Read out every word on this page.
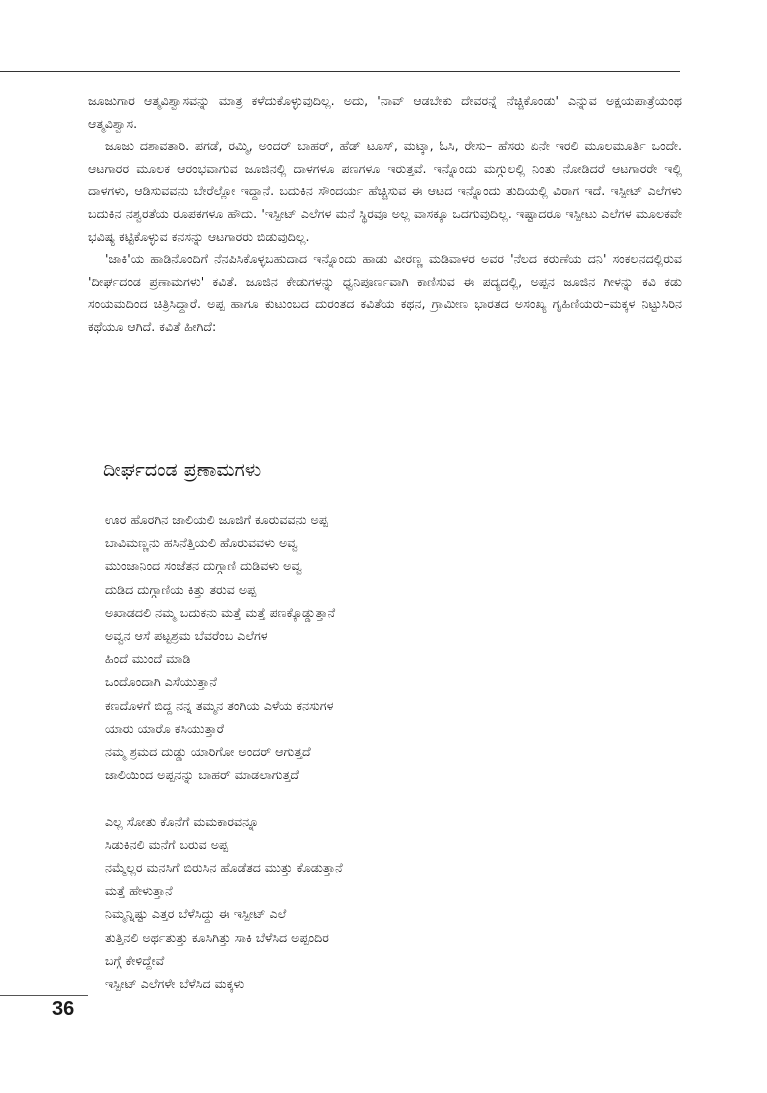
ಜೂಜುಗಾರ ಆತ್ಮವಿಶ್ವಾಸವನ್ನು ಮಾತ್ರ ಕಳೆದುಕೊಳ್ಳುವುದಿಲ್ಲ. ಅದು, 'ನಾವ್ ಆಡಬೇಕು ದೇವರನ್ನೆ ನೆಚ್ಚಿಕೊಂಡು' ಎನ್ನುವ ಅಕ್ಷಯಪಾತ್ರೆಯಂಥ ಆತ್ಮವಿಶ್ವಾಸ.

ಜೂಜು ದಶಾವತಾರಿ. ಪಗಡೆ, ರಮ್ಮಿ, ಅಂದರ್ ಬಾಹರ್, ಹೆಡ್ ಟೂಸ್, ಮಟ್ಕಾ, ಓಸಿ, ರೇಸು– ಹೆಸರು ಏನೇ ಇರಲಿ ಮೂಲಮೂರ್ತಿ ಒಂದೇ. ಆಟಗಾರರ ಮೂಲಕ ಆರಂಭವಾಗುವ ಜೂಜಿನಲ್ಲಿ ದಾಳಗಳೂ ಪಣಗಳೂ ಇರುತ್ತವೆ. ಇನ್ನೊಂದು ಮಗ್ಗುಲಲ್ಲಿ ನಿಂತು ನೋಡಿದರೆ ಆಟಗಾರರೇ ಇಲ್ಲಿ ದಾಳಗಳು, ಆಡಿಸುವವನು ಬೇರೆಲ್ಲೋ ಇದ್ದಾನೆ. ಬದುಕಿನ ಸೌಂದರ್ಯ ಹೆಚ್ಚಿಸುವ ಈ ಆಟದ ಇನ್ನೊಂದು ತುದಿಯಲ್ಲಿ ವಿರಾಗ ಇದೆ. ಇಸ್ಪೀಟ್ ಎಲೆಗಳು ಬದುಕಿನ ನಶ್ವರತೆಯ ರೂಪಕಗಳೂ ಹೌದು. 'ಇಸ್ಪೀಟ್ ಎಲೆಗಳ ಮನೆ ಸ್ಥಿರವೂ ಅಲ್ಲ ವಾಸಕ್ಕೂ ಒದಗುವುದಿಲ್ಲ. ಇಷ್ಟಾದರೂ ಇಸ್ಪೀಟು ಎಲೆಗಳ ಮೂಲಕವೇ ಭವಿಷ್ಯ ಕಟ್ಟಿಕೊಳ್ಳುವ ಕನಸನ್ನು ಆಟಗಾರರು ಬಿಡುವುದಿಲ್ಲ.

'ಜಾಕಿ'ಯ ಹಾಡಿನೊಂದಿಗೆ ನೆನಪಿಸಿಕೊಳ್ಳಬಹುದಾದ ಇನ್ನೊಂದು ಹಾಡು ವೀರಣ್ಣ ಮಡಿವಾಳರ ಅವರ 'ನೆಲದ ಕರುಣೆಯ ದನಿ' ಸಂಕಲನದಲ್ಲಿರುವ 'ದೀರ್ಘದಂಡ ಪ್ರಣಾಮಗಳು' ಕವಿತೆ. ಜೂಜಿನ ಕೇಡುಗಳನ್ನು ಧ್ವನಿಪೂರ್ಣವಾಗಿ ಕಾಣಿಸುವ ಈ ಪದ್ಯದಲ್ಲಿ, ಅಪ್ಪನ ಜೂಜಿನ ಗೀಳನ್ನು ಕವಿ ಕಡು ಸಂಯಮದಿಂದ ಚಿತ್ರಿಸಿದ್ದಾರೆ. ಅಪ್ಪ ಹಾಗೂ ಕುಟುಂಬದ ದುರಂತದ ಕವಿತೆಯ ಕಥನ, ಗ್ರಾಮೀಣ ಭಾರತದ ಅಸಂಖ್ಯ ಗೃಹಿಣಿಯರು–ಮಕ್ಕಳ ನಿಟ್ಟುಸಿರಿನ ಕಥೆಯೂ ಆಗಿದೆ. ಕವಿತೆ ಹೀಗಿದೆ:

ದೀರ್ಘದಂಡ ಪ್ರಣಾಮಗಳು
ಊರ ಹೊರಗಿನ ಜಾಲಿಯಲಿ ಜೂಜಿಗೆ ಕೂರುವವನು ಅಪ್ಪ
ಬಾವಿಮಣ್ಣನು ಹಸಿನೆತ್ತಿಯಲಿ ಹೊರುವವಳು ಅವ್ವ
ಮುಂಜಾನಿಂದ ಸಂಜೆತನ ದುಗ್ಗಾಣಿ ದುಡಿವಳು ಅವ್ವ
ದುಡಿದ ದುಗ್ಗಾಣಿಯ ಕಿತ್ತು ತರುವ ಅಪ್ಪ
ಅಖಾಡದಲಿ ನಮ್ಮ ಬದುಕನು ಮತ್ತೆ ಮತ್ತೆ ಪಣಕ್ಕೊಡ್ಡುತ್ತಾನೆ
ಅವ್ವನ ಆಸೆ ಪಟ್ಟಶ್ರಮ ಬೆವರೆಂಬ ಎಲೆಗಳ
ಹಿಂದೆ ಮುಂದೆ ಮಾಡಿ
ಒಂದೊಂದಾಗಿ ಎಸೆಯುತ್ತಾನೆ
ಕಣದೊಳಗೆ ಬಿದ್ದ ನನ್ನ ತಮ್ಮನ ತಂಗಿಯ ಎಳೆಯ ಕನಸುಗಳ
ಯಾರು ಯಾರೊ ಕಸಿಯುತ್ತಾರೆ
ನಮ್ಮ ಶ್ರಮದ ದುಡ್ಡು ಯಾರಿಗೋ ಅಂದರ್ ಆಗುತ್ತದೆ
ಜಾಲಿಯಿಂದ ಅಪ್ಪನನ್ನು ಬಾಹರ್ ಮಾಡಲಾಗುತ್ತದೆ
ಎಲ್ಲ ಸೋತು ಕೊನೆಗೆ ಮಮಕಾರವನ್ನೂ
ಸಿಡುಕಿನಲಿ ಮನೆಗೆ ಬರುವ ಅಪ್ಪ
ನಮ್ಮೆಲ್ಲರ ಮನಸಿಗೆ ಬಿರುಸಿನ ಹೊಡೆತದ ಮುತ್ತು ಕೊಡುತ್ತಾನೆ
ಮತ್ತೆ ಹೇಳುತ್ತಾನೆ
ನಿಮ್ಮನ್ನಿಷ್ಟು ಎತ್ತರ ಬೆಳೆಸಿದ್ದು ಈ ಇಸ್ಪೀಟ್ ಎಲೆ
ತುತ್ತಿನಲಿ ಅರ್ಥತುತ್ತು ಕೂಸಿಗಿತ್ತು ಸಾಕಿ ಬೆಳೆಸಿದ ಅಪ್ಪಂದಿರ
ಬಗ್ಗೆ ಕೇಳಿದ್ದೇವೆ
ಇಸ್ಪೀಟ್ ಎಲೆಗಳೇ ಬೆಳೆಸಿದ ಮಕ್ಕಳು
36
